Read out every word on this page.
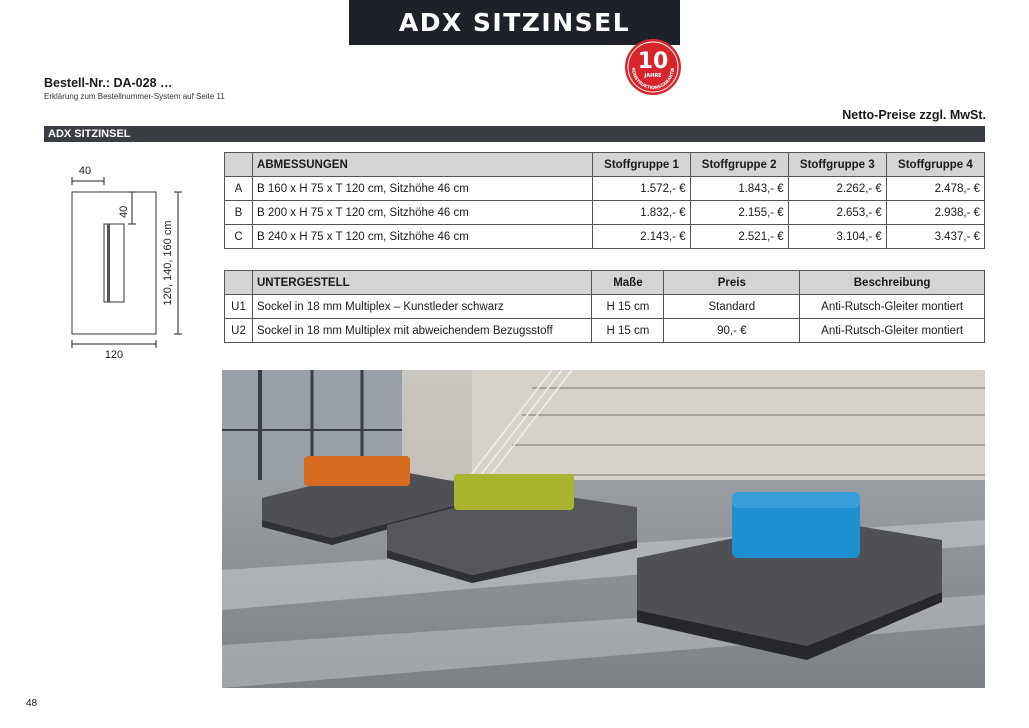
ADX SITZINSEL
10
JAHRE
KONSTRUKTIONSGARANTIE
Bestell-Nr.: DA-028 …
Erklärung zum Bestellnummer-System auf Seite 11
Netto-Preise zzgl. MwSt.
ADX SITZINSEL
40
40
120, 140, 160 cm
120
	ABMESSUNGEN	Stoffgruppe 1	Stoffgruppe 2	Stoffgruppe 3	Stoffgruppe 4
A	B 160 x H 75 x T 120 cm, Sitzhöhe 46 cm	1.572,- €	1.843,- €	2.262,- €	2.478,- €
B	B 200 x H 75 x T 120 cm, Sitzhöhe 46 cm	1.832,- €	2.155,- €	2.653,- €	2.938,- €
C	B 240 x H 75 x T 120 cm, Sitzhöhe 46 cm	2.143,- €	2.521,- €	3.104,- €	3.437,- €
	UNTERGESTELL	Maße	Preis	Beschreibung
U1	Sockel in 18 mm Multiplex – Kunstleder schwarz	H 15 cm	Standard	Anti-Rutsch-Gleiter montiert
U2	Sockel in 18 mm Multiplex mit abweichendem Bezugsstoff	H 15 cm	90,- €	Anti-Rutsch-Gleiter montiert
48
